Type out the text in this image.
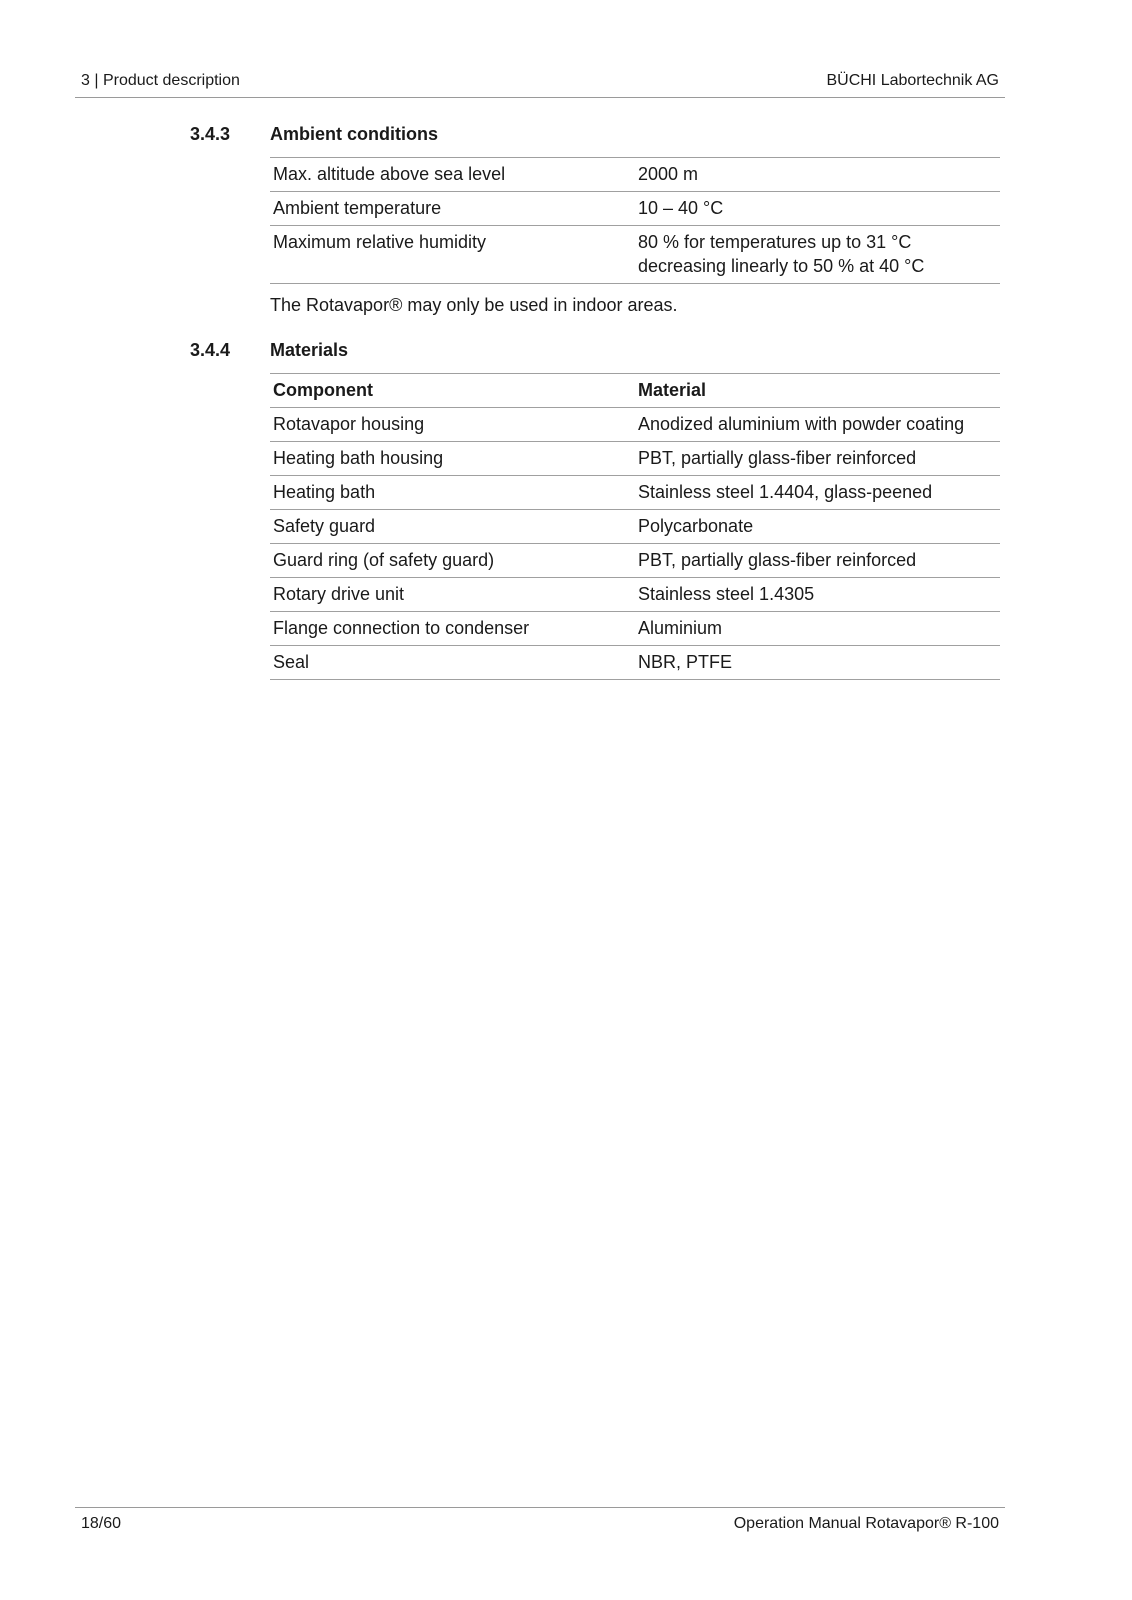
3 | Product description	BÜCHI Labortechnik AG
3.4.3 Ambient conditions
Max. altitude above sea level	2000 m
Ambient temperature	10 – 40 °C
Maximum relative humidity	80 % for temperatures up to 31 °C
decreasing linearly to 50 % at 40 °C
The Rotavapor® may only be used in indoor areas.
3.4.4 Materials
Component	Material
Rotavapor housing	Anodized aluminium with powder coating
Heating bath housing	PBT, partially glass-fiber reinforced
Heating bath	Stainless steel 1.4404, glass-peened
Safety guard	Polycarbonate
Guard ring (of safety guard)	PBT, partially glass-fiber reinforced
Rotary drive unit	Stainless steel 1.4305
Flange connection to condenser	Aluminium
Seal	NBR, PTFE
18/60	Operation Manual Rotavapor® R-100
